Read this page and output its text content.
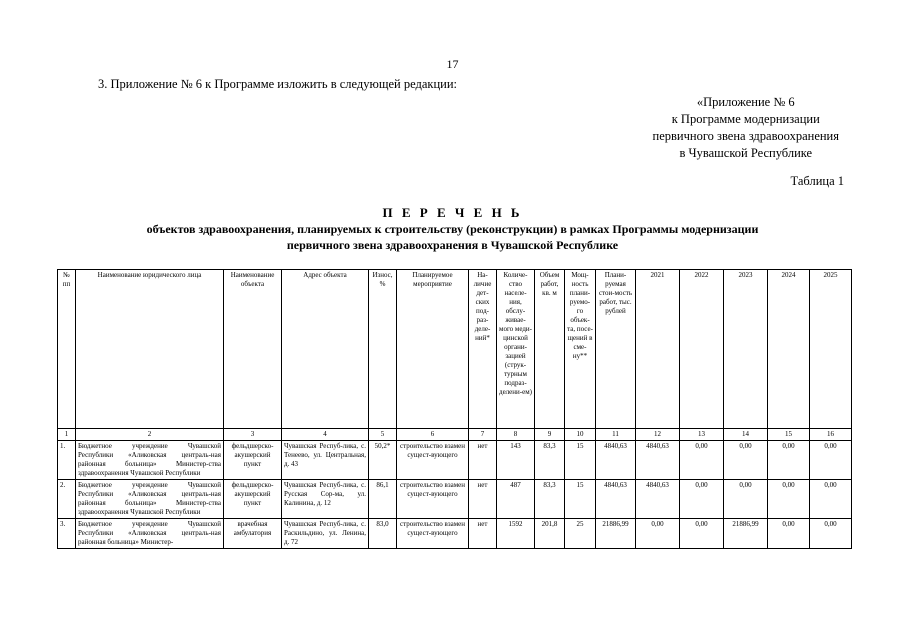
17
3. Приложение № 6 к Программе изложить в следующей редакции:
«Приложение № 6
к Программе модернизации
первичного звена здравоохранения
в Чувашской Республике
Таблица 1
П Е Р Е Ч Е Н Ь
объектов здравоохранения, планируемых к строительству (реконструкции) в рамках Программы модернизации
первичного звена здравоохранения в Чувашской Республике
№ пп	Наименование юридического лица	Наименование объекта	Адрес объекта	Износ, %	Планируемое мероприятие	На-личие дет-ских под-раз-деле-ний*	Количе-ство населе-ния, обслу-живае-мого меди-цинской органи-зацией (струк-турным подраз-делени-ем)	Объем работ, кв. м	Мощ-ность плани-руемо-го объек-та, посе-щений в сме-ну**	Плани-руемая стои-мость работ, тыс. рублей	2021	2022	2023	2024	2025
1	2	3	4	5	6	7	8	9	10	11	12	13	14	15	16
1.	Бюджетное учреждение Чувашской Республики «Аликовская централь-ная районная больница» Министер-ства здравоохранения Чувашской Республики	фельдшерско-акушерский пункт	Чувашская Респуб-лика, с. Тенеево, ул. Центральная, д. 43	50,2*	строительство взамен сущест-вующего	нет	143	83,3	15	4840,63	4840,63	0,00	0,00	0,00	0,00
2.	Бюджетное учреждение Чувашской Республики «Аликовская централь-ная районная больница» Министер-ства здравоохранения Чувашской Республики	фельдшерско-акушерский пункт	Чувашская Респуб-лика, с. Русская Сор-мa, ул. Калинина, д. 12	86,1	строительство взамен сущест-вующего	нет	487	83,3	15	4840,63	4840,63	0,00	0,00	0,00	0,00
3.	Бюджетное учреждение Чувашской Республики «Аликовская централь-ная районная больница» Министер-	врачебная амбулатория	Чувашская Респуб-лика, с. Раскильдино, ул. Ленина, д. 72	83,0	строительство взамен сущест-вующего	нет	1592	201,8	25	21886,99	0,00	0,00	21886,99	0,00	0,00
